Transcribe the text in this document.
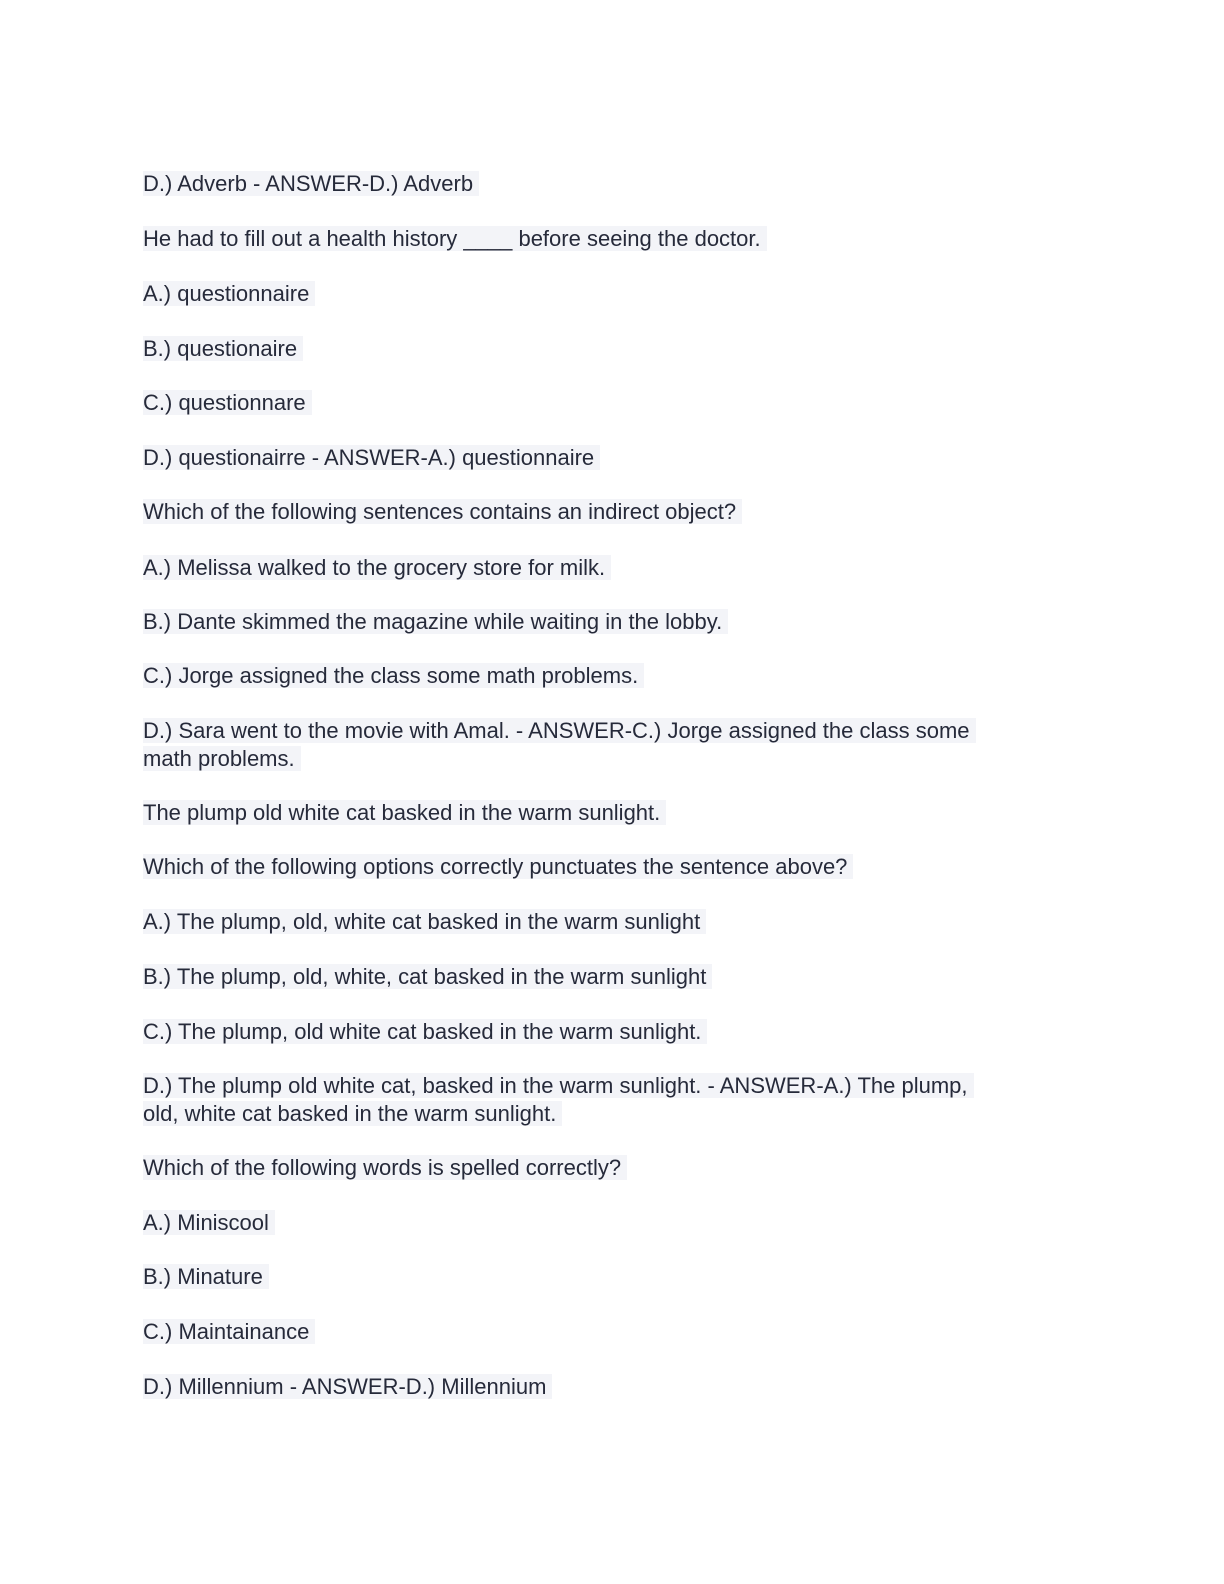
D.) Adverb - ANSWER-D.) Adverb
He had to fill out a health history ____ before seeing the doctor.
A.) questionnaire
B.) questionaire
C.) questionnare
D.) questionairre - ANSWER-A.) questionnaire
Which of the following sentences contains an indirect object?
A.) Melissa walked to the grocery store for milk.
B.) Dante skimmed the magazine while waiting in the lobby.
C.) Jorge assigned the class some math problems.
D.) Sara went to the movie with Amal. - ANSWER-C.) Jorge assigned the class some
math problems.
The plump old white cat basked in the warm sunlight.
Which of the following options correctly punctuates the sentence above?
A.) The plump, old, white cat basked in the warm sunlight
B.) The plump, old, white, cat basked in the warm sunlight
C.) The plump, old white cat basked in the warm sunlight.
D.) The plump old white cat, basked in the warm sunlight. - ANSWER-A.) The plump,
old, white cat basked in the warm sunlight.
Which of the following words is spelled correctly?
A.) Miniscool
B.) Minature
C.) Maintainance
D.) Millennium - ANSWER-D.) Millennium
